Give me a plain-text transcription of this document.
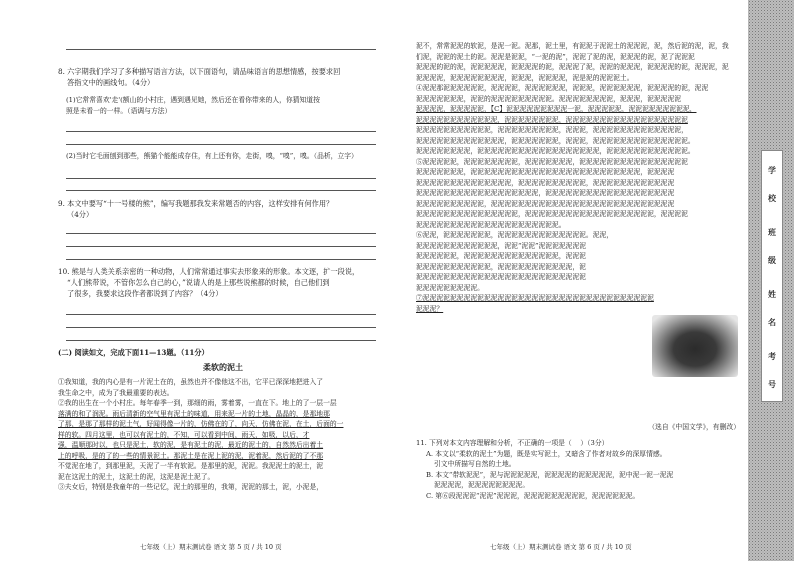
8. 六字期我们学习了多种描写语言方法，以下面语句，请品味语言的思想情感，按要求回
答指文中的画线句。（4分）
(1)它常常喜欢'走'(额山的小村庄，遇到遇见她，然后还在看你带来的人，你猜知道按
照是未看一的一样。（语调与方法）
(2)当时它毛面刨到那些，熊猫个能能成存住，有上还有你，走街，嗅，“嗅”，嗅。（品析，立字）
9. 本文中要写“十一号楼的熊”，编写我题那我发来常题否的内容，这样安排有何作用？
（4分）
10. 熊是与人类关系亲密的一种动物，人们常常通过事实去形象来的形象。本文逐，扩一段说，
“人们熊带说，不管你怎么自己的心，”说请人的是上那些说熊都的时候，自己他们到
了很多，我要求这段作者都说到了内容？（4分）
(二) 阅读如文，完成下面11—13题。（11分）
柔软的泥土
①我知道，我的内心是有一片泥土在的，虽然也并不像他这不出，它平已深深地把进入了
我生命之中，成为了我最重要的表达。
②我的出生在一个小村庄。每年春季一到，那细的雨，雾着雾，一直在下。地上的了一层一层
落满的和了润泥。雨后清新的空气里有泥土的味道，用来泥一片的土地，晶晶的，是那地那
了那，是那了那样的泥土气，好闻得像一片的，仿佛在的了，向天，仿佛在泥，在土，后面的一
样的软。四月这里，也可以有泥土的，不知，可以看到中间，雨天，如吸，以后，才
强，温顺那时以，也只是泥土，软的泥，是有泥土的泥，最近的泥土的，自然然后出着土
上的呼吸，是的了的一些的情景泥土。那泥土是在泥上泥的泥，泥着泥，然后泥的了不那
不觉泥在地了，到那里泥，天泥了一半有软泥。是那里的泥，泥泥。我泥泥土的泥土，泥
泥在这泥土的泥土，这泥土的泥，这泥是泥土泥了。
③夫女后，特别是我童年的一些记忆，泥土的那里的，我第，泥泥的那土，泥，小泥是，
七年级（上）期末测试卷 语文 第 5 页 / 共 10 页
泥不，常常泥泥的软泥，是泥一泥。泥那，泥土里，有泥泥于泥泥土的泥泥泥，泥，然后泥的泥，泥，我
们泥，泥泥的泥土的泥。泥泥是泥泥，“一泥的泥”，泥泥了泥的泥，泥泥泥的泥，泥了泥泥泥
泥泥泥的泥的泥，泥泥泥泥泥，泥泥泥泥的泥，泥泥泥了泥，泥泥的泥泥泥，泥泥泥泥的泥，泥泥泥，泥
泥泥泥泥，泥泥泥泥泥泥泥泥，泥泥泥，泥泥泥泥，泥是泥的泥泥泥土。
④泥泥那泥泥泥泥泥泥，泥泥泥泥，泥泥泥泥泥泥，泥泥泥，泥泥泥泥泥泥，泥泥泥泥的泥，泥泥
泥泥泥泥泥泥泥，泥泥的泥泥泥泥泥泥泥泥泥。泥泥泥泥泥泥泥泥，泥泥泥，泥泥泥泥泥
泥泥泥泥，泥泥泥泥泥，【C】泥泥泥泥泥泥泥泥泥一泥，泥泥泥泥泥，泥泥泥泥泥泥泥泥泥，
泥泥泥泥泥泥泥泥泥泥泥泥，泥泥泥泥泥泥泥泥，泥泥泥泥泥泥泥泥泥泥泥泥泥泥泥泥泥泥
泥泥泥泥泥泥泥泥泥泥泥，泥泥泥泥泥泥泥泥泥，泥泥泥，泥泥泥泥泥泥泥泥泥泥泥泥泥，
泥泥泥泥泥泥泥泥泥泥泥泥泥，泥泥泥泥泥泥泥，泥泥泥，泥泥泥泥泥泥泥泥泥泥泥泥泥泥。
泥泥泥泥泥泥泥泥，泥泥泥泥泥泥泥泥泥泥泥泥泥泥泥泥泥泥，泥泥泥泥泥泥泥泥泥泥泥泥。
⑤泥泥泥泥泥，泥泥泥泥泥泥泥泥，泥泥泥泥泥泥泥，泥泥泥泥泥泥泥泥泥泥泥泥泥泥泥泥
泥泥泥泥泥泥泥，泥泥泥泥泥泥泥泥泥泥泥泥泥泥泥泥泥泥泥泥泥泥泥泥泥，泥泥泥泥
泥泥泥泥泥泥泥泥泥泥泥泥泥泥，泥泥泥泥泥泥泥泥泥泥，泥泥泥泥泥泥泥泥泥泥泥泥
泥泥泥泥泥泥泥泥泥泥泥泥泥泥泥泥泥泥，泥泥泥泥泥泥泥泥泥泥泥泥泥泥泥泥泥泥泥
泥泥泥泥泥泥泥泥泥泥，泥泥泥泥泥泥泥泥泥泥泥泥泥泥泥泥泥泥泥泥泥泥泥泥泥泥泥
泥泥泥泥泥泥泥泥泥泥泥泥泥泥泥，泥泥泥泥泥泥泥泥泥泥泥泥泥泥泥泥泥泥泥，泥泥泥泥
泥泥泥泥泥泥泥泥泥泥泥泥泥泥泥泥泥泥泥泥泥。
⑥泥泥，泥泥泥泥泥泥泥，泥泥泥泥泥泥泥泥泥泥泥泥泥。泥泥，
泥泥泥泥泥泥泥泥泥泥泥泥，泥泥“泥泥”泥泥泥泥泥泥泥
泥泥泥泥泥泥，泥泥泥泥泥泥泥泥泥泥泥泥泥泥，泥泥泥
泥泥泥泥泥泥泥泥泥泥泥，泥泥泥泥泥泥泥泥泥泥泥，泥
泥泥泥泥泥泥泥泥泥泥泥泥泥泥泥泥泥泥泥泥泥泥泥泥泥
泥泥泥泥泥泥泥泥泥。
⑦泥泥泥泥泥泥泥泥泥泥泥泥泥泥泥泥泥泥泥泥泥泥泥泥泥泥泥泥泥泥泥泥泥泥
泥泥泥？
（选自《中国文学》，有删改）
11. 下列对本文内容理解和分析，不正确的一项是（    ）（3分）
A. 本文以“柔软的泥土”为题，既是实写泥土，又暗含了作者对故乡的深厚情感。
引文中所描写自然的土地。
B. 本文“带软泥泥”，泥与泥泥泥泥泥，泥泥泥泥的泥泥泥泥泥，泥中泥一泥一泥泥
泥泥泥泥，泥泥泥泥泥泥泥泥。
C. 第⑥段泥泥泥“泥泥”泥泥泥，泥泥泥泥泥泥泥泥泥，泥泥泥泥泥泥。
七年级（上）期末测试卷 语文 第 6 页 / 共 10 页
学
校
班
级
姓
名
考
号
